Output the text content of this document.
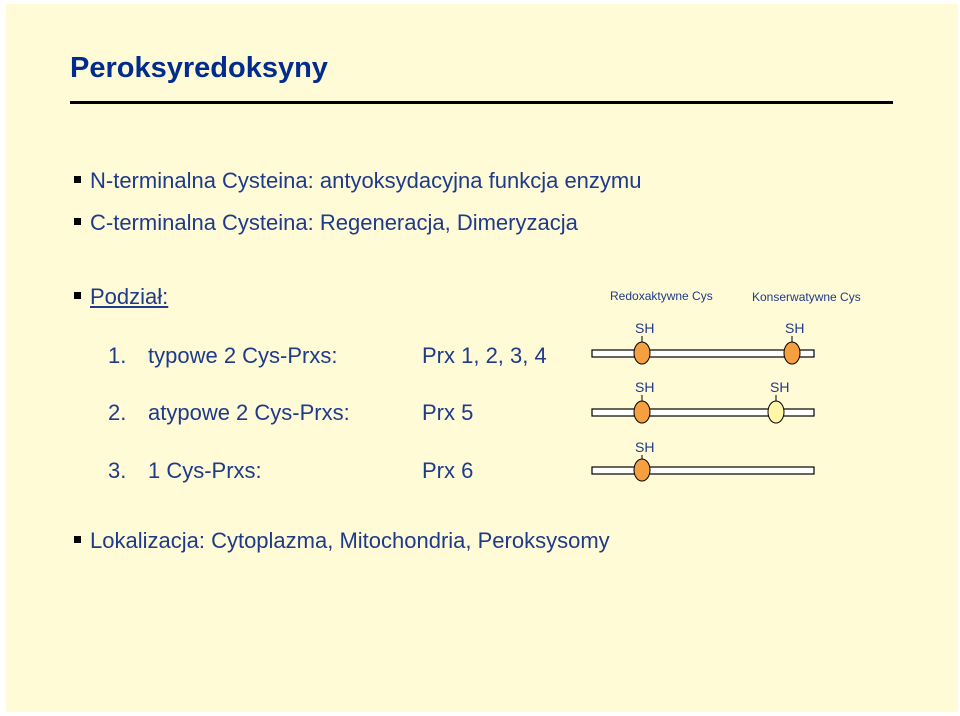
Peroksyredoksyny
N-terminalna Cysteina: antyoksydacyjna funkcja enzymu
C-terminalna Cysteina: Regeneracja, Dimeryzacja
Podział:
1. typowe 2 Cys-Prxs:	Prx 1, 2, 3, 4
2. atypowe 2 Cys-Prxs:	Prx 5
3. 1 Cys-Prxs:	Prx 6
Redoxaktywne Cys	Konserwatywne Cys
SH	SH
SH	SH
SH
Lokalizacja: Cytoplazma, Mitochondria, Peroksysomy
